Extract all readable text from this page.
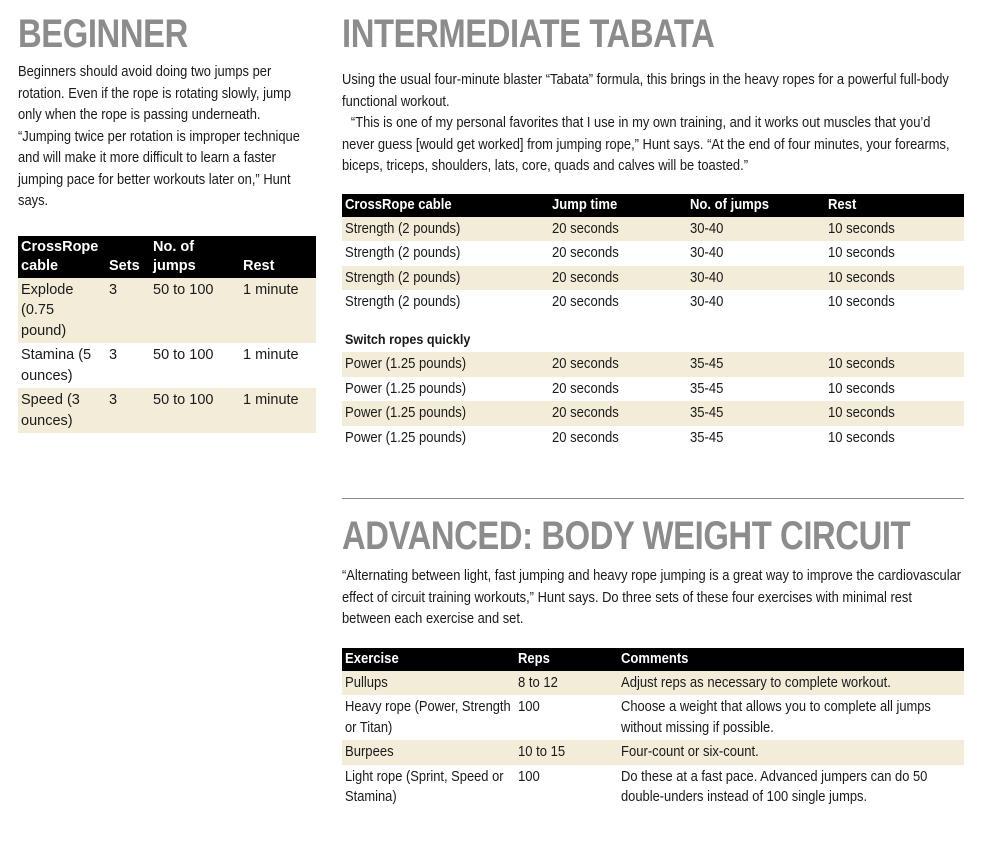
BEGINNER

Beginners should avoid doing two jumps per rotation. Even if the rope is rotating slowly, jump only when the rope is passing underneath. “Jumping twice per rotation is improper technique and will make it more difficult to learn a faster jumping pace for better workouts later on,” Hunt says.

CrossRope cable	Sets	No. of jumps	Rest
Explode (0.75 pound)	3	50 to 100	1 minute
Stamina (5 ounces)	3	50 to 100	1 minute
Speed (3 ounces)	3	50 to 100	1 minute
INTERMEDIATE TABATA

Using the usual four-minute blaster “Tabata” formula, this brings in the heavy ropes for a powerful full-body functional workout.

“This is one of my personal favorites that I use in my own training, and it works out muscles that you’d never guess [would get worked] from jumping rope,” Hunt says. “At the end of four minutes, your forearms, biceps, triceps, shoulders, lats, core, quads and calves will be toasted.”

CrossRope cable	Jump time	No. of jumps	Rest
Strength (2 pounds)	20 seconds	30-40	10 seconds
Strength (2 pounds)	20 seconds	30-40	10 seconds
Strength (2 pounds)	20 seconds	30-40	10 seconds
Strength (2 pounds)	20 seconds	30-40	10 seconds
Switch ropes quickly			
Power (1.25 pounds)	20 seconds	35-45	10 seconds
Power (1.25 pounds)	20 seconds	35-45	10 seconds
Power (1.25 pounds)	20 seconds	35-45	10 seconds
Power (1.25 pounds)	20 seconds	35-45	10 seconds
ADVANCED: BODY WEIGHT CIRCUIT

“Alternating between light, fast jumping and heavy rope jumping is a great way to improve the cardiovascular effect of circuit training workouts,” Hunt says. Do three sets of these four exercises with minimal rest between each exercise and set.

Exercise	Reps	Comments
Pullups	8 to 12	Adjust reps as necessary to complete workout.

Heavy rope (Power, Strength or Titan)	100	Choose a weight that allows you to complete all jumps without missing if possible.

Burpees	10 to 15	Four-count or six-count.

Light rope (Sprint, Speed or Stamina)	100	Do these at a fast pace. Advanced jumpers can do 50 double-unders instead of 100 single jumps.
